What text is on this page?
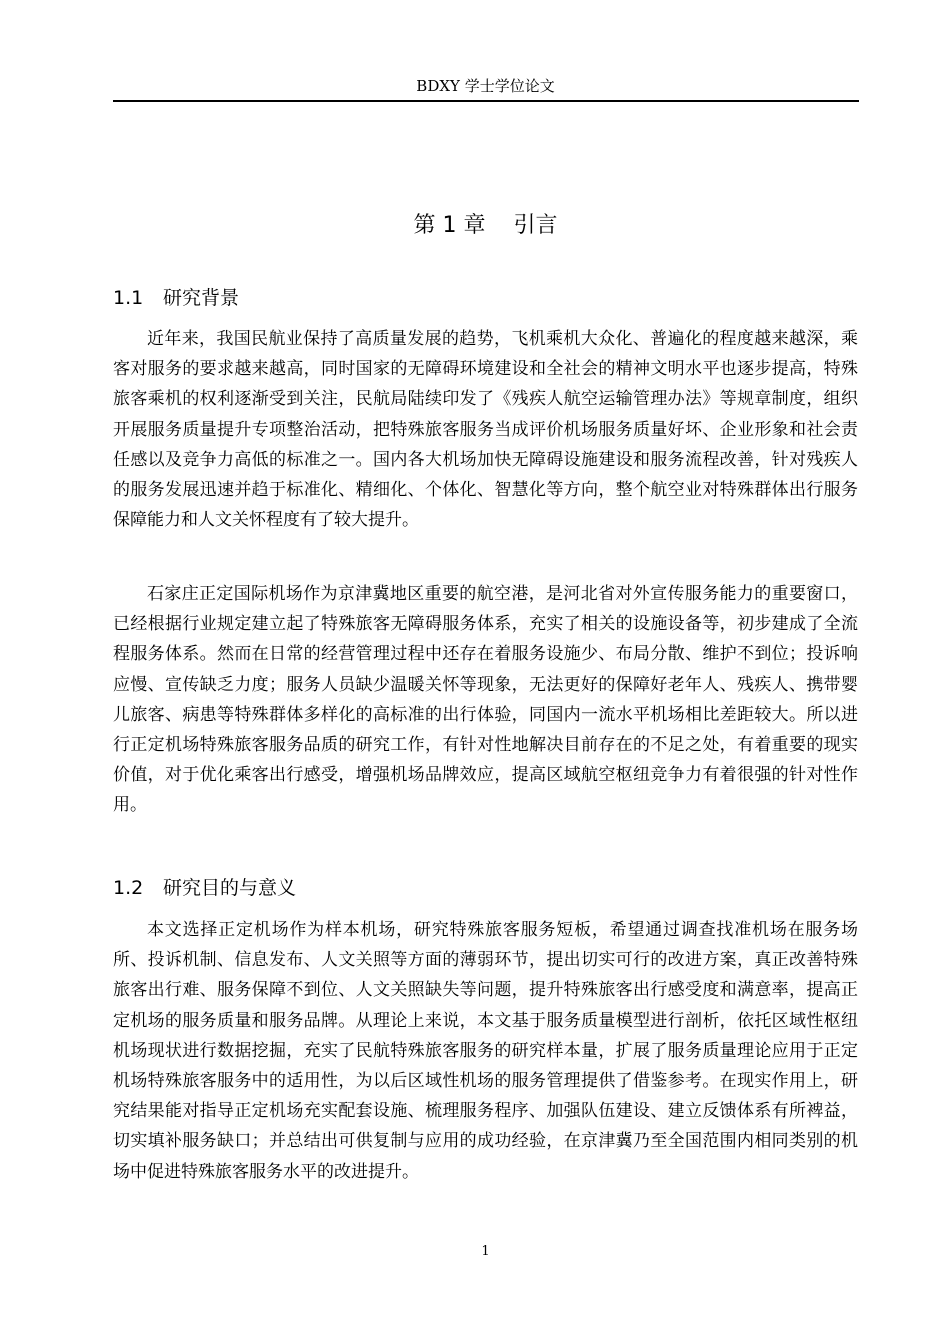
BDXY 学士学位论文
第 1 章    引言
1.1 研究背景

近年来，我国民航业保持了高质量发展的趋势，飞机乘机大众化、普遍化的程度越来越深，乘客对服务的要求越来越高，同时国家的无障碍环境建设和全社会的精神文明水平也逐步提高，特殊旅客乘机的权利逐渐受到关注，民航局陆续印发了《残疾人航空运输管理办法》等规章制度，组织开展服务质量提升专项整治活动，把特殊旅客服务当成评价机场服务质量好坏、企业形象和社会责任感以及竞争力高低的标准之一。国内各大机场加快无障碍设施建设和服务流程改善，针对残疾人的服务发展迅速并趋于标准化、精细化、个体化、智慧化等方向，整个航空业对特殊群体出行服务保障能力和人文关怀程度有了较大提升。

石家庄正定国际机场作为京津冀地区重要的航空港，是河北省对外宣传服务能力的重要窗口，已经根据行业规定建立起了特殊旅客无障碍服务体系，充实了相关的设施设备等，初步建成了全流程服务体系。然而在日常的经营管理过程中还存在着服务设施少、布局分散、维护不到位；投诉响应慢、宣传缺乏力度；服务人员缺少温暖关怀等现象，无法更好的保障好老年人、残疾人、携带婴儿旅客、病患等特殊群体多样化的高标准的出行体验，同国内一流水平机场相比差距较大。所以进行正定机场特殊旅客服务品质的研究工作，有针对性地解决目前存在的不足之处，有着重要的现实价值，对于优化乘客出行感受，增强机场品牌效应，提高区域航空枢纽竞争力有着很强的针对性作用。

1.2 研究目的与意义

本文选择正定机场作为样本机场，研究特殊旅客服务短板，希望通过调查找准机场在服务场所、投诉机制、信息发布、人文关照等方面的薄弱环节，提出切实可行的改进方案，真正改善特殊旅客出行难、服务保障不到位、人文关照缺失等问题，提升特殊旅客出行感受度和满意率，提高正定机场的服务质量和服务品牌。从理论上来说，本文基于服务质量模型进行剖析，依托区域性枢纽机场现状进行数据挖掘，充实了民航特殊旅客服务的研究样本量，扩展了服务质量理论应用于正定机场特殊旅客服务中的适用性，为以后区域性机场的服务管理提供了借鉴参考。在现实作用上，研究结果能对指导正定机场充实配套设施、梳理服务程序、加强队伍建设、建立反馈体系有所裨益，切实填补服务缺口；并总结出可供复制与应用的成功经验，在京津冀乃至全国范围内相同类别的机场中促进特殊旅客服务水平的改进提升。

1
